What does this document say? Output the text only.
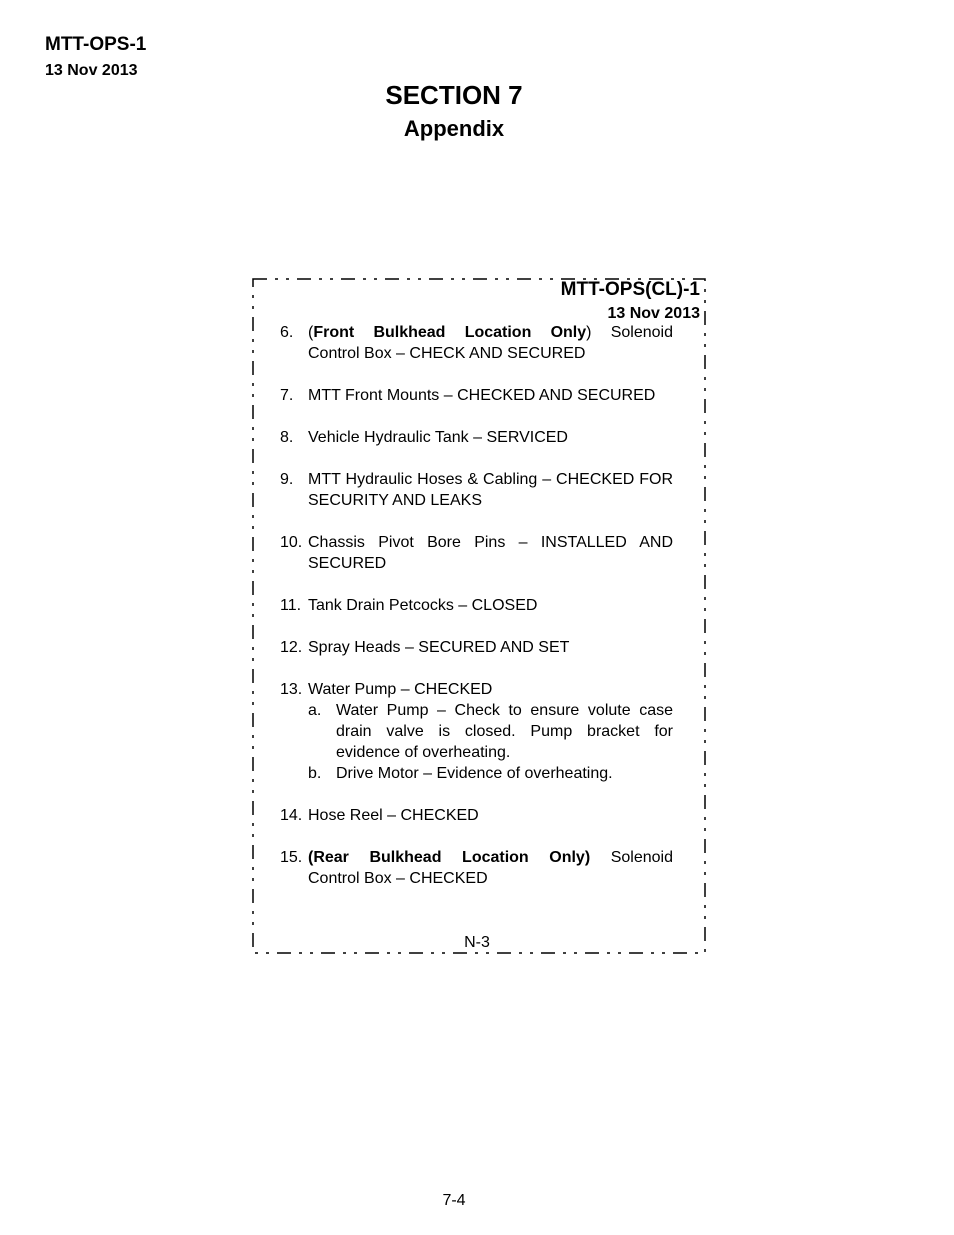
MTT-OPS-1
13 Nov 2013
SECTION 7
Appendix
MTT-OPS(CL)-1
13 Nov 2013
6. (Front Bulkhead Location Only) Solenoid
Control Box – CHECK AND SECURED
7. MTT Front Mounts – CHECKED AND SECURED
8. Vehicle Hydraulic Tank – SERVICED
9. MTT Hydraulic Hoses & Cabling – CHECKED FOR
SECURITY AND LEAKS
10. Chassis Pivot Bore Pins – INSTALLED AND
SECURED
11. Tank Drain Petcocks – CLOSED
12. Spray Heads – SECURED AND SET
13. Water Pump – CHECKED
a. Water Pump – Check to ensure volute case
drain valve is closed. Pump bracket for
evidence of overheating.
b. Drive Motor – Evidence of overheating.
14. Hose Reel – CHECKED
15. (Rear Bulkhead Location Only) Solenoid
Control Box – CHECKED
N-3
7-4
